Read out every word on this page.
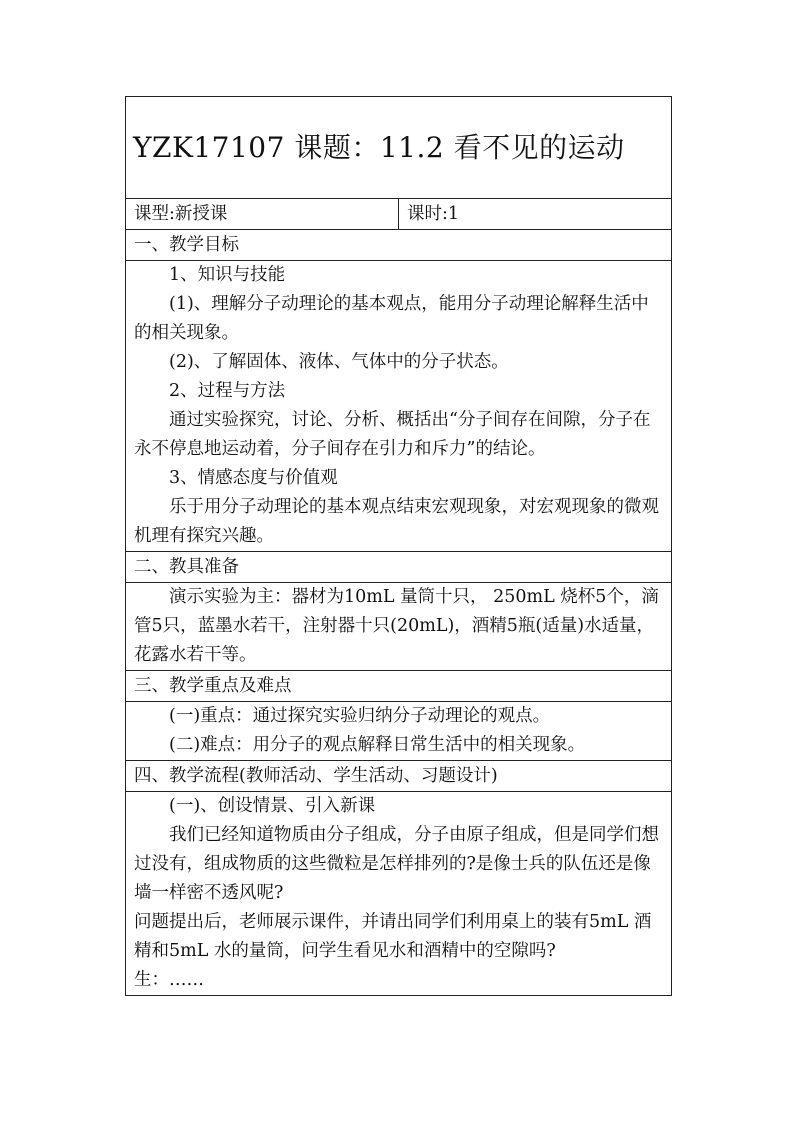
YZK17107 课题：11.2 看不见的运动
课型:新授课	课时:1
一、教学目标

1、知识与技能
(1)、理解分子动理论的基本观点，能用分子动理论解释生活中的相关现象。
(2)、了解固体、液体、气体中的分子状态。
2、过程与方法
通过实验探究，讨论、分析、概括出“分子间存在间隙，分子在永不停息地运动着，分子间存在引力和斥力”的结论。
3、情感态度与价值观
乐于用分子动理论的基本观点结束宏观现象，对宏观现象的微观机理有探究兴趣。

二、教具准备

演示实验为主：器材为10mL 量筒十只， 250mL 烧杯5个，滴管5只，蓝墨水若干，注射器十只(20mL)，酒精5瓶(适量)水适量，花露水若干等。

三、教学重点及难点

(一)重点：通过探究实验归纳分子动理论的观点。
(二)难点：用分子的观点解释日常生活中的相关现象。

四、教学流程(教师活动、学生活动、习题设计)

(一)、创设情景、引入新课
我们已经知道物质由分子组成，分子由原子组成，但是同学们想过没有，组成物质的这些微粒是怎样排列的?是像士兵的队伍还是像墙一样密不透风呢?
问题提出后，老师展示课件，并请出同学们利用桌上的装有5mL 酒精和5mL 水的量筒，问学生看见水和酒精中的空隙吗?
生：……
